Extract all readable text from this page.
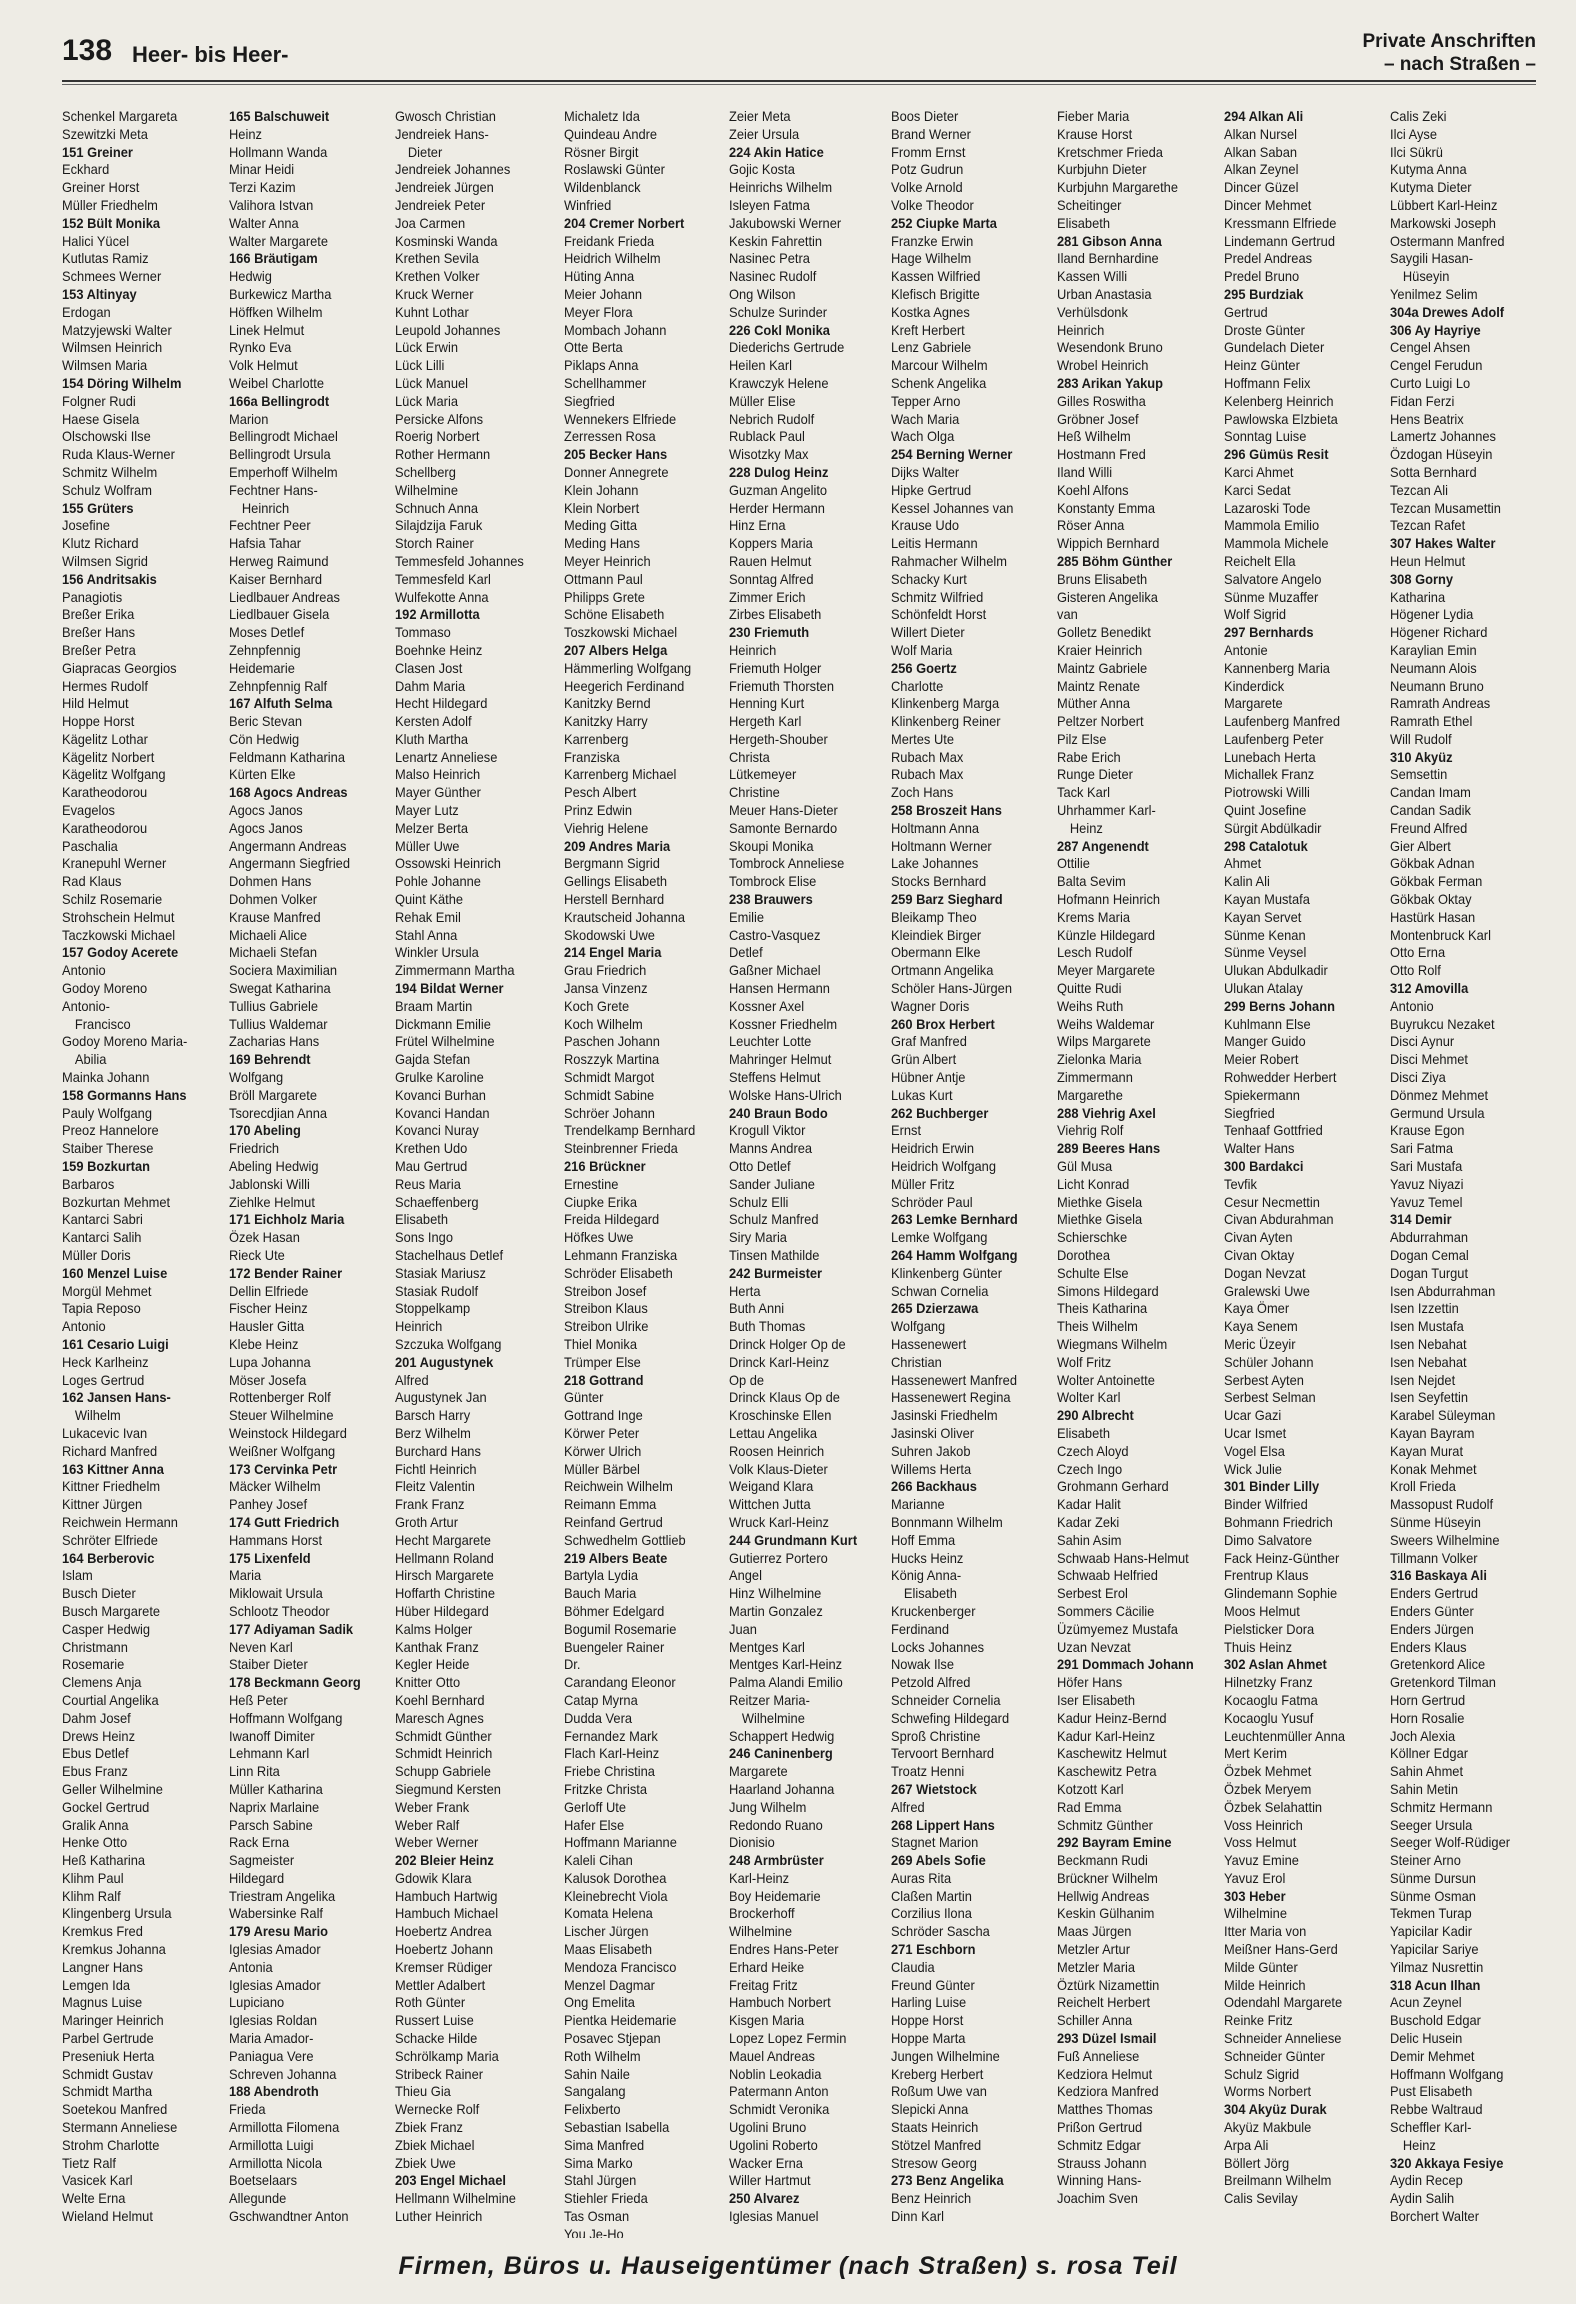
138 Heer- bis Heer-
Private Anschriften
– nach Straßen –
Schenkel Margareta
Szewitzki Meta
151 Greiner
Eckhard
Greiner Horst
Müller Friedhelm
152 Bült Monika
Halici Yücel
Kutlutas Ramiz
Schmees Werner
153 Altinyay
Erdogan
Matzyjewski Walter
Wilmsen Heinrich
Wilmsen Maria
154 Döring Wilhelm
Folgner Rudi
Haese Gisela
Olschowski Ilse
Ruda Klaus-Werner
Schmitz Wilhelm
Schulz Wolfram
155 Grüters
Josefine
Klutz Richard
Wilmsen Sigrid
156 Andritsakis
Panagiotis
Breßer Erika
Breßer Hans
Breßer Petra
Giapracas Georgios
Hermes Rudolf
Hild Helmut
Hoppe Horst
Kägelitz Lothar
Kägelitz Norbert
Kägelitz Wolfgang
Karatheodorou
Evagelos
Karatheodorou
Paschalia
Kranepuhl Werner
Rad Klaus
Schilz Rosemarie
Strohschein Helmut
Taczkowski Michael
157 Godoy Acerete
Antonio
Godoy Moreno
Antonio-
Francisco
Godoy Moreno Maria-
Abilia
Mainka Johann
158 Gormanns Hans
Pauly Wolfgang
Preoz Hannelore
Staiber Therese
159 Bozkurtan
Barbaros
Bozkurtan Mehmet
Kantarci Sabri
Kantarci Salih
Müller Doris
160 Menzel Luise
Morgül Mehmet
Tapia Reposo
Antonio
161 Cesario Luigi
Heck Karlheinz
Loges Gertrud
162 Jansen Hans-
Wilhelm
Lukacevic Ivan
Richard Manfred
163 Kittner Anna
Kittner Friedhelm
Kittner Jürgen
Reichwein Hermann
Schröter Elfriede
164 Berberovic
Islam
Busch Dieter
Busch Margarete
Casper Hedwig
Christmann
Rosemarie
Clemens Anja
Courtial Angelika
Dahm Josef
Drews Heinz
Ebus Detlef
Ebus Franz
Geller Wilhelmine
Gockel Gertrud
Gralik Anna
Henke Otto
Heß Katharina
Klihm Paul
Klihm Ralf
Klingenberg Ursula
Kremkus Fred
Kremkus Johanna
Langner Hans
Lemgen Ida
Magnus Luise
Maringer Heinrich
Parbel Gertrude
Preseniuk Herta
Schmidt Gustav
Schmidt Martha
Soetekou Manfred
Stermann Anneliese
Strohm Charlotte
Tietz Ralf
Vasicek Karl
Welte Erna
Wieland Helmut
165 Balschuweit
Heinz
Hollmann Wanda
Minar Heidi
Terzi Kazim
Valihora Istvan
Walter Anna
Walter Margarete
166 Bräutigam
Hedwig
Burkewicz Martha
Höffken Wilhelm
Linek Helmut
Rynko Eva
Volk Helmut
Weibel Charlotte
166a Bellingrodt
Marion
Bellingrodt Michael
Bellingrodt Ursula
Emperhoff Wilhelm
Fechtner Hans-
Heinrich
Fechtner Peer
Hafsia Tahar
Herweg Raimund
Kaiser Bernhard
Liedlbauer Andreas
Liedlbauer Gisela
Moses Detlef
Zehnpfennig
Heidemarie
Zehnpfennig Ralf
167 Alfuth Selma
Beric Stevan
Cön Hedwig
Feldmann Katharina
Kürten Elke
168 Agocs Andreas
Agocs Janos
Agocs Janos
Angermann Andreas
Angermann Siegfried
Dohmen Hans
Dohmen Volker
Krause Manfred
Michaeli Alice
Michaeli Stefan
Sociera Maximilian
Swegat Katharina
Tullius Gabriele
Tullius Waldemar
Zacharias Hans
169 Behrendt
Wolfgang
Bröll Margarete
Tsorecdjian Anna
170 Abeling
Friedrich
Abeling Hedwig
Jablonski Willi
Ziehlke Helmut
171 Eichholz Maria
Özek Hasan
Rieck Ute
172 Bender Rainer
Dellin Elfriede
Fischer Heinz
Hausler Gitta
Klebe Heinz
Lupa Johanna
Möser Josefa
Rottenberger Rolf
Steuer Wilhelmine
Weinstock Hildegard
Weißner Wolfgang
173 Cervinka Petr
Mäcker Wilhelm
Panhey Josef
174 Gutt Friedrich
Hammans Horst
175 Lixenfeld
Maria
Miklowait Ursula
Schlootz Theodor
177 Adiyaman Sadik
Neven Karl
Staiber Dieter
178 Beckmann Georg
Heß Peter
Hoffmann Wolfgang
Iwanoff Dimiter
Lehmann Karl
Linn Rita
Müller Katharina
Naprix Marlaine
Parsch Sabine
Rack Erna
Sagmeister
Hildegard
Triestram Angelika
Wabersinke Ralf
179 Aresu Mario
Iglesias Amador
Antonia
Iglesias Amador
Lupiciano
Iglesias Roldan
Maria Amador-
Paniagua Vere
Schreven Johanna
188 Abendroth
Frieda
Armillotta Filomena
Armillotta Luigi
Armillotta Nicola
Boetselaars
Allegunde
Gschwandtner Anton
Gwosch Christian
Jendreiek Hans-
Dieter
Jendreiek Johannes
Jendreiek Jürgen
Jendreiek Peter
Joa Carmen
Kosminski Wanda
Krethen Sevila
Krethen Volker
Kruck Werner
Kuhnt Lothar
Leupold Johannes
Lück Erwin
Lück Lilli
Lück Manuel
Lück Maria
Persicke Alfons
Roerig Norbert
Rother Hermann
Schellberg
Wilhelmine
Schnuch Anna
Silajdzija Faruk
Storch Rainer
Temmesfeld Johannes
Temmesfeld Karl
Wulfekotte Anna
192 Armillotta
Tommaso
Boehnke Heinz
Clasen Jost
Dahm Maria
Hecht Hildegard
Kersten Adolf
Kluth Martha
Lenartz Anneliese
Malso Heinrich
Mayer Günther
Mayer Lutz
Melzer Berta
Müller Uwe
Ossowski Heinrich
Pohle Johanne
Quint Käthe
Rehak Emil
Stahl Anna
Winkler Ursula
Zimmermann Martha
194 Bildat Werner
Braam Martin
Dickmann Emilie
Frütel Wilhelmine
Gajda Stefan
Grulke Karoline
Kovanci Burhan
Kovanci Handan
Kovanci Nuray
Krethen Udo
Mau Gertrud
Reus Maria
Schaeffenberg
Elisabeth
Sons Ingo
Stachelhaus Detlef
Stasiak Mariusz
Stasiak Rudolf
Stoppelkamp
Heinrich
Szczuka Wolfgang
201 Augustynek
Alfred
Augustynek Jan
Barsch Harry
Berz Wilhelm
Burchard Hans
Fichtl Heinrich
Fleitz Valentin
Frank Franz
Groth Artur
Hecht Margarete
Hellmann Roland
Hirsch Margarete
Hoffarth Christine
Hüber Hildegard
Kalms Holger
Kanthak Franz
Kegler Heide
Knitter Otto
Koehl Bernhard
Maresch Agnes
Schmidt Günther
Schmidt Heinrich
Schupp Gabriele
Siegmund Kersten
Weber Frank
Weber Ralf
Weber Werner
202 Bleier Heinz
Gdowik Klara
Hambuch Hartwig
Hambuch Michael
Hoebertz Andrea
Hoebertz Johann
Kremser Rüdiger
Mettler Adalbert
Roth Günter
Russert Luise
Schacke Hilde
Schrölkamp Maria
Stribeck Rainer
Thieu Gia
Wernecke Rolf
Zbiek Franz
Zbiek Michael
Zbiek Uwe
203 Engel Michael
Hellmann Wilhelmine
Luther Heinrich
Michaletz Ida
Quindeau Andre
Rösner Birgit
Roslawski Günter
Wildenblanck
Winfried
204 Cremer Norbert
Freidank Frieda
Heidrich Wilhelm
Hüting Anna
Meier Johann
Meyer Flora
Mombach Johann
Otte Berta
Piklaps Anna
Schellhammer
Siegfried
Wennekers Elfriede
Zerressen Rosa
205 Becker Hans
Donner Annegrete
Klein Johann
Klein Norbert
Meding Gitta
Meding Hans
Meyer Heinrich
Ottmann Paul
Philipps Grete
Schöne Elisabeth
Toszkowski Michael
207 Albers Helga
Hämmerling Wolfgang
Heegerich Ferdinand
Kanitzky Bernd
Kanitzky Harry
Karrenberg
Franziska
Karrenberg Michael
Pesch Albert
Prinz Edwin
Viehrig Helene
209 Andres Maria
Bergmann Sigrid
Gellings Elisabeth
Herstell Bernhard
Krautscheid Johanna
Skodowski Uwe
214 Engel Maria
Grau Friedrich
Jansa Vinzenz
Koch Grete
Koch Wilhelm
Paschen Johann
Roszzyk Martina
Schmidt Margot
Schmidt Sabine
Schröer Johann
Trendelkamp Bernhard
Steinbrenner Frieda
216 Brückner
Ernestine
Ciupke Erika
Freida Hildegard
Höfkes Uwe
Lehmann Franziska
Schröder Elisabeth
Streibon Josef
Streibon Klaus
Streibon Ulrike
Thiel Monika
Trümper Else
218 Gottrand
Günter
Gottrand Inge
Körwer Peter
Körwer Ulrich
Müller Bärbel
Reichwein Wilhelm
Reimann Emma
Reinfand Gertrud
Schwedhelm Gottlieb
219 Albers Beate
Bartyla Lydia
Bauch Maria
Böhmer Edelgard
Bogumil Rosemarie
Buengeler Rainer
Dr.
Carandang Eleonor
Catap Myrna
Dudda Vera
Fernandez Mark
Flach Karl-Heinz
Friebe Christina
Fritzke Christa
Gerloff Ute
Hafer Else
Hoffmann Marianne
Kaleli Cihan
Kalusok Dorothea
Kleinebrecht Viola
Komata Helena
Lischer Jürgen
Maas Elisabeth
Mendoza Francisco
Menzel Dagmar
Ong Emelita
Pientka Heidemarie
Posavec Stjepan
Roth Wilhelm
Sahin Naile
Sangalang
Felixberto
Sebastian Isabella
Sima Manfred
Sima Marko
Stahl Jürgen
Stiehler Frieda
Tas Osman
You Je-Ho
Zeier Meta
Zeier Ursula
224 Akin Hatice
Gojic Kosta
Heinrichs Wilhelm
Isleyen Fatma
Jakubowski Werner
Keskin Fahrettin
Nasinec Petra
Nasinec Rudolf
Ong Wilson
Schulze Surinder
226 Cokl Monika
Diederichs Gertrude
Heilen Karl
Krawczyk Helene
Müller Elise
Nebrich Rudolf
Rublack Paul
Wisotzky Max
228 Dulog Heinz
Guzman Angelito
Herder Hermann
Hinz Erna
Koppers Maria
Rauen Helmut
Sonntag Alfred
Zimmer Erich
Zirbes Elisabeth
230 Friemuth
Heinrich
Friemuth Holger
Friemuth Thorsten
Henning Kurt
Hergeth Karl
Hergeth-Shouber
Christa
Lütkemeyer
Christine
Meuer Hans-Dieter
Samonte Bernardo
Skoupi Monika
Tombrock Anneliese
Tombrock Elise
238 Brauwers
Emilie
Castro-Vasquez
Detlef
Gaßner Michael
Hansen Hermann
Kossner Axel
Kossner Friedhelm
Leuchter Lotte
Mahringer Helmut
Steffens Helmut
Wolske Hans-Ulrich
240 Braun Bodo
Krogull Viktor
Manns Andrea
Otto Detlef
Sander Juliane
Schulz Elli
Schulz Manfred
Siry Maria
Tinsen Mathilde
242 Burmeister
Herta
Buth Anni
Buth Thomas
Drinck Holger Op de
Drinck Karl-Heinz
Op de
Drinck Klaus Op de
Kroschinske Ellen
Lettau Angelika
Roosen Heinrich
Volk Klaus-Dieter
Weigand Klara
Wittchen Jutta
Wruck Karl-Heinz
244 Grundmann Kurt
Gutierrez Portero
Angel
Hinz Wilhelmine
Martin Gonzalez
Juan
Mentges Karl
Mentges Karl-Heinz
Palma Alandi Emilio
Reitzer Maria-
Wilhelmine
Schappert Hedwig
246 Caninenberg
Margarete
Haarland Johanna
Jung Wilhelm
Redondo Ruano
Dionisio
248 Armbrüster
Karl-Heinz
Boy Heidemarie
Brockerhoff
Wilhelmine
Endres Hans-Peter
Erhard Heike
Freitag Fritz
Hambuch Norbert
Kisgen Maria
Lopez Lopez Fermin
Mauel Andreas
Noblin Leokadia
Patermann Anton
Schmidt Veronika
Ugolini Bruno
Ugolini Roberto
Wacker Erna
Willer Hartmut
250 Alvarez
Iglesias Manuel
Boos Dieter
Brand Werner
Fromm Ernst
Potz Gudrun
Volke Arnold
Volke Theodor
252 Ciupke Marta
Franzke Erwin
Hage Wilhelm
Kassen Wilfried
Klefisch Brigitte
Kostka Agnes
Kreft Herbert
Lenz Gabriele
Marcour Wilhelm
Schenk Angelika
Tepper Arno
Wach Maria
Wach Olga
254 Berning Werner
Dijks Walter
Hipke Gertrud
Kessel Johannes van
Krause Udo
Leitis Hermann
Rahmacher Wilhelm
Schacky Kurt
Schmitz Wilfried
Schönfeldt Horst
Willert Dieter
Wolf Maria
256 Goertz
Charlotte
Klinkenberg Marga
Klinkenberg Reiner
Mertes Ute
Rubach Max
Rubach Max
Zoch Hans
258 Broszeit Hans
Holtmann Anna
Holtmann Werner
Lake Johannes
Stocks Bernhard
259 Barz Sieghard
Bleikamp Theo
Kleindiek Birger
Obermann Elke
Ortmann Angelika
Schöler Hans-Jürgen
Wagner Doris
260 Brox Herbert
Graf Manfred
Grün Albert
Hübner Antje
Lukas Kurt
262 Buchberger
Ernst
Heidrich Erwin
Heidrich Wolfgang
Müller Fritz
Schröder Paul
263 Lemke Bernhard
Lemke Wolfgang
264 Hamm Wolfgang
Klinkenberg Günter
Schwan Cornelia
265 Dzierzawa
Wolfgang
Hassenewert
Christian
Hassenewert Manfred
Hassenewert Regina
Jasinski Friedhelm
Jasinski Oliver
Suhren Jakob
Willems Herta
266 Backhaus
Marianne
Bonnmann Wilhelm
Hoff Emma
Hucks Heinz
König Anna-
Elisabeth
Kruckenberger
Ferdinand
Locks Johannes
Nowak Ilse
Petzold Alfred
Schneider Cornelia
Schwefing Hildegard
Sproß Christine
Tervoort Bernhard
Troatz Henni
267 Wietstock
Alfred
268 Lippert Hans
Stagnet Marion
269 Abels Sofie
Auras Rita
Claßen Martin
Corzilius Ilona
Schröder Sascha
271 Eschborn
Claudia
Freund Günter
Harling Luise
Hoppe Horst
Hoppe Marta
Jungen Wilhelmine
Kreberg Herbert
Roßum Uwe van
Slepicki Anna
Staats Heinrich
Stötzel Manfred
Stresow Georg
273 Benz Angelika
Benz Heinrich
Dinn Karl
Fieber Maria
Krause Horst
Kretschmer Frieda
Kurbjuhn Dieter
Kurbjuhn Margarethe
Scheitinger
Elisabeth
281 Gibson Anna
Iland Bernhardine
Kassen Willi
Urban Anastasia
Verhülsdonk
Heinrich
Wesendonk Bruno
Wrobel Heinrich
283 Arikan Yakup
Gilles Roswitha
Gröbner Josef
Heß Wilhelm
Hostmann Fred
Iland Willi
Koehl Alfons
Konstanty Emma
Röser Anna
Wippich Bernhard
285 Böhm Günther
Bruns Elisabeth
Gisteren Angelika
van
Golletz Benedikt
Kraier Heinrich
Maintz Gabriele
Maintz Renate
Müther Anna
Peltzer Norbert
Pilz Else
Rabe Erich
Runge Dieter
Tack Karl
Uhrhammer Karl-
Heinz
287 Angenendt
Ottilie
Balta Sevim
Hofmann Heinrich
Krems Maria
Künzle Hildegard
Lesch Rudolf
Meyer Margarete
Quitte Rudi
Weihs Ruth
Weihs Waldemar
Wilps Margarete
Zielonka Maria
Zimmermann
Margarethe
288 Viehrig Axel
Viehrig Rolf
289 Beeres Hans
Gül Musa
Licht Konrad
Miethke Gisela
Miethke Gisela
Schierschke
Dorothea
Schulte Else
Simons Hildegard
Theis Katharina
Theis Wilhelm
Wiegmans Wilhelm
Wolf Fritz
Wolter Antoinette
Wolter Karl
290 Albrecht
Elisabeth
Czech Aloyd
Czech Ingo
Grohmann Gerhard
Kadar Halit
Kadar Zeki
Sahin Asim
Schwaab Hans-Helmut
Schwaab Helfried
Serbest Erol
Sommers Cäcilie
Üzümyemez Mustafa
Uzan Nevzat
291 Dommach Johann
Höfer Hans
Iser Elisabeth
Kadur Heinz-Bernd
Kadur Karl-Heinz
Kaschewitz Helmut
Kaschewitz Petra
Kotzott Karl
Rad Emma
Schmitz Günther
292 Bayram Emine
Beckmann Rudi
Brückner Wilhelm
Hellwig Andreas
Keskin Gülhanim
Maas Jürgen
Metzler Artur
Metzler Maria
Öztürk Nizamettin
Reichelt Herbert
Schiller Anna
293 Düzel Ismail
Fuß Anneliese
Kedziora Helmut
Kedziora Manfred
Matthes Thomas
Prißon Gertrud
Schmitz Edgar
Strauss Johann
Winning Hans-
Joachim Sven
294 Alkan Ali
Alkan Nursel
Alkan Saban
Alkan Zeynel
Dincer Güzel
Dincer Mehmet
Kressmann Elfriede
Lindemann Gertrud
Predel Andreas
Predel Bruno
295 Burdziak
Gertrud
Droste Günter
Gundelach Dieter
Heinz Günter
Hoffmann Felix
Kelenberg Heinrich
Pawlowska Elzbieta
Sonntag Luise
296 Gümüs Resit
Karci Ahmet
Karci Sedat
Lazaroski Tode
Mammola Emilio
Mammola Michele
Reichelt Ella
Salvatore Angelo
Sünme Muzaffer
Wolf Sigrid
297 Bernhards
Antonie
Kannenberg Maria
Kinderdick
Margarete
Laufenberg Manfred
Laufenberg Peter
Lunebach Herta
Michallek Franz
Piotrowski Willi
Quint Josefine
Sürgit Abdülkadir
298 Catalotuk
Ahmet
Kalin Ali
Kayan Mustafa
Kayan Servet
Sünme Kenan
Sünme Veysel
Ulukan Abdulkadir
Ulukan Atalay
299 Berns Johann
Kuhlmann Else
Manger Guido
Meier Robert
Rohwedder Herbert
Spiekermann
Siegfried
Tenhaaf Gottfried
Walter Hans
300 Bardakci
Tevfik
Cesur Necmettin
Civan Abdurahman
Civan Ayten
Civan Oktay
Dogan Nevzat
Gralewski Uwe
Kaya Ömer
Kaya Senem
Meric Üzeyir
Schüler Johann
Serbest Ayten
Serbest Selman
Ucar Gazi
Ucar Ismet
Vogel Elsa
Wick Julie
301 Binder Lilly
Binder Wilfried
Bohmann Friedrich
Dimo Salvatore
Fack Heinz-Günther
Frentrup Klaus
Glindemann Sophie
Moos Helmut
Pielsticker Dora
Thuis Heinz
302 Aslan Ahmet
Hilnetzky Franz
Kocaoglu Fatma
Kocaoglu Yusuf
Leuchtenmüller Anna
Mert Kerim
Özbek Mehmet
Özbek Meryem
Özbek Selahattin
Voss Heinrich
Voss Helmut
Yavuz Emine
Yavuz Erol
303 Heber
Wilhelmine
Itter Maria von
Meißner Hans-Gerd
Milde Günter
Milde Heinrich
Odendahl Margarete
Reinke Fritz
Schneider Anneliese
Schneider Günter
Schulz Sigrid
Worms Norbert
304 Akyüz Durak
Akyüz Makbule
Arpa Ali
Böllert Jörg
Breilmann Wilhelm
Calis Sevilay
Calis Zeki
Ilci Ayse
Ilci Sükrü
Kutyma Anna
Kutyma Dieter
Lübbert Karl-Heinz
Markowski Joseph
Ostermann Manfred
Saygili Hasan-
Hüseyin
Yenilmez Selim
304a Drewes Adolf
306 Ay Hayriye
Cengel Ahsen
Cengel Ferudun
Curto Luigi Lo
Fidan Ferzi
Hens Beatrix
Lamertz Johannes
Özdogan Hüseyin
Sotta Bernhard
Tezcan Ali
Tezcan Musamettin
Tezcan Rafet
307 Hakes Walter
Heun Helmut
308 Gorny
Katharina
Högener Lydia
Högener Richard
Karaylian Emin
Neumann Alois
Neumann Bruno
Ramrath Andreas
Ramrath Ethel
Will Rudolf
310 Akyüz
Semsettin
Candan Imam
Candan Sadik
Freund Alfred
Gier Albert
Gökbak Adnan
Gökbak Ferman
Gökbak Oktay
Hastürk Hasan
Montenbruck Karl
Otto Erna
Otto Rolf
312 Amovilla
Antonio
Buyrukcu Nezaket
Disci Aynur
Disci Mehmet
Disci Ziya
Dönmez Mehmet
Germund Ursula
Krause Egon
Sari Fatma
Sari Mustafa
Yavuz Niyazi
Yavuz Temel
314 Demir
Abdurrahman
Dogan Cemal
Dogan Turgut
Isen Abdurrahman
Isen Izzettin
Isen Mustafa
Isen Nebahat
Isen Nebahat
Isen Nejdet
Isen Seyfettin
Karabel Süleyman
Kayan Bayram
Kayan Murat
Konak Mehmet
Kroll Frieda
Massopust Rudolf
Sünme Hüseyin
Sweers Wilhelmine
Tillmann Volker
316 Baskaya Ali
Enders Gertrud
Enders Günter
Enders Jürgen
Enders Klaus
Gretenkord Alice
Gretenkord Tilman
Horn Gertrud
Horn Rosalie
Joch Alexia
Köllner Edgar
Sahin Ahmet
Sahin Metin
Schmitz Hermann
Seeger Ursula
Seeger Wolf-Rüdiger
Steiner Arno
Sünme Dursun
Sünme Osman
Tekmen Turap
Yapicilar Kadir
Yapicilar Sariye
Yilmaz Nusrettin
318 Acun Ilhan
Acun Zeynel
Buschold Edgar
Delic Husein
Demir Mehmet
Hoffmann Wolfgang
Pust Elisabeth
Rebbe Waltraud
Scheffler Karl-
Heinz
320 Akkaya Fesiye
Aydin Recep
Aydin Salih
Borchert Walter
Firmen, Büros u. Hauseigentümer (nach Straßen) s. rosa Teil
